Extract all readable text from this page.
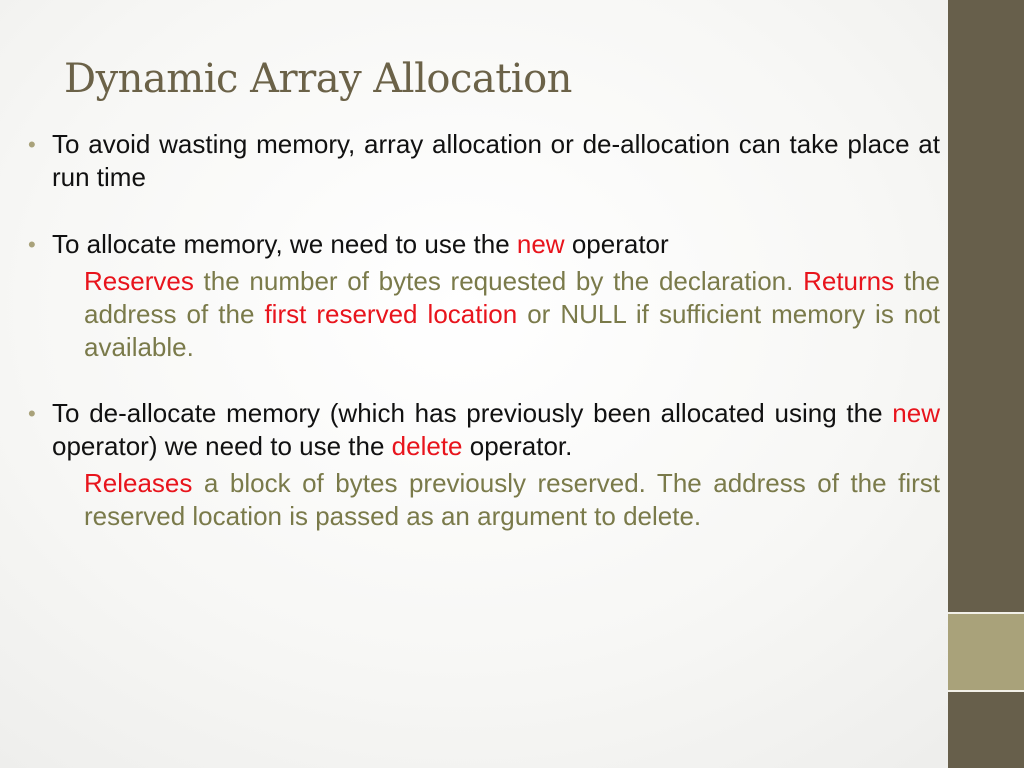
Dynamic Array Allocation

• To avoid wasting memory, array allocation or de-allocation can take place at run time

• To allocate memory, we need to use the new operator

Reserves the number of bytes requested by the declaration. Returns the address of the first reserved location or NULL if sufficient memory is not available.

• To de-allocate memory (which has previously been allocated using the new operator) we need to use the delete operator.

Releases a block of bytes previously reserved. The address of the first reserved location is passed as an argument to delete.
